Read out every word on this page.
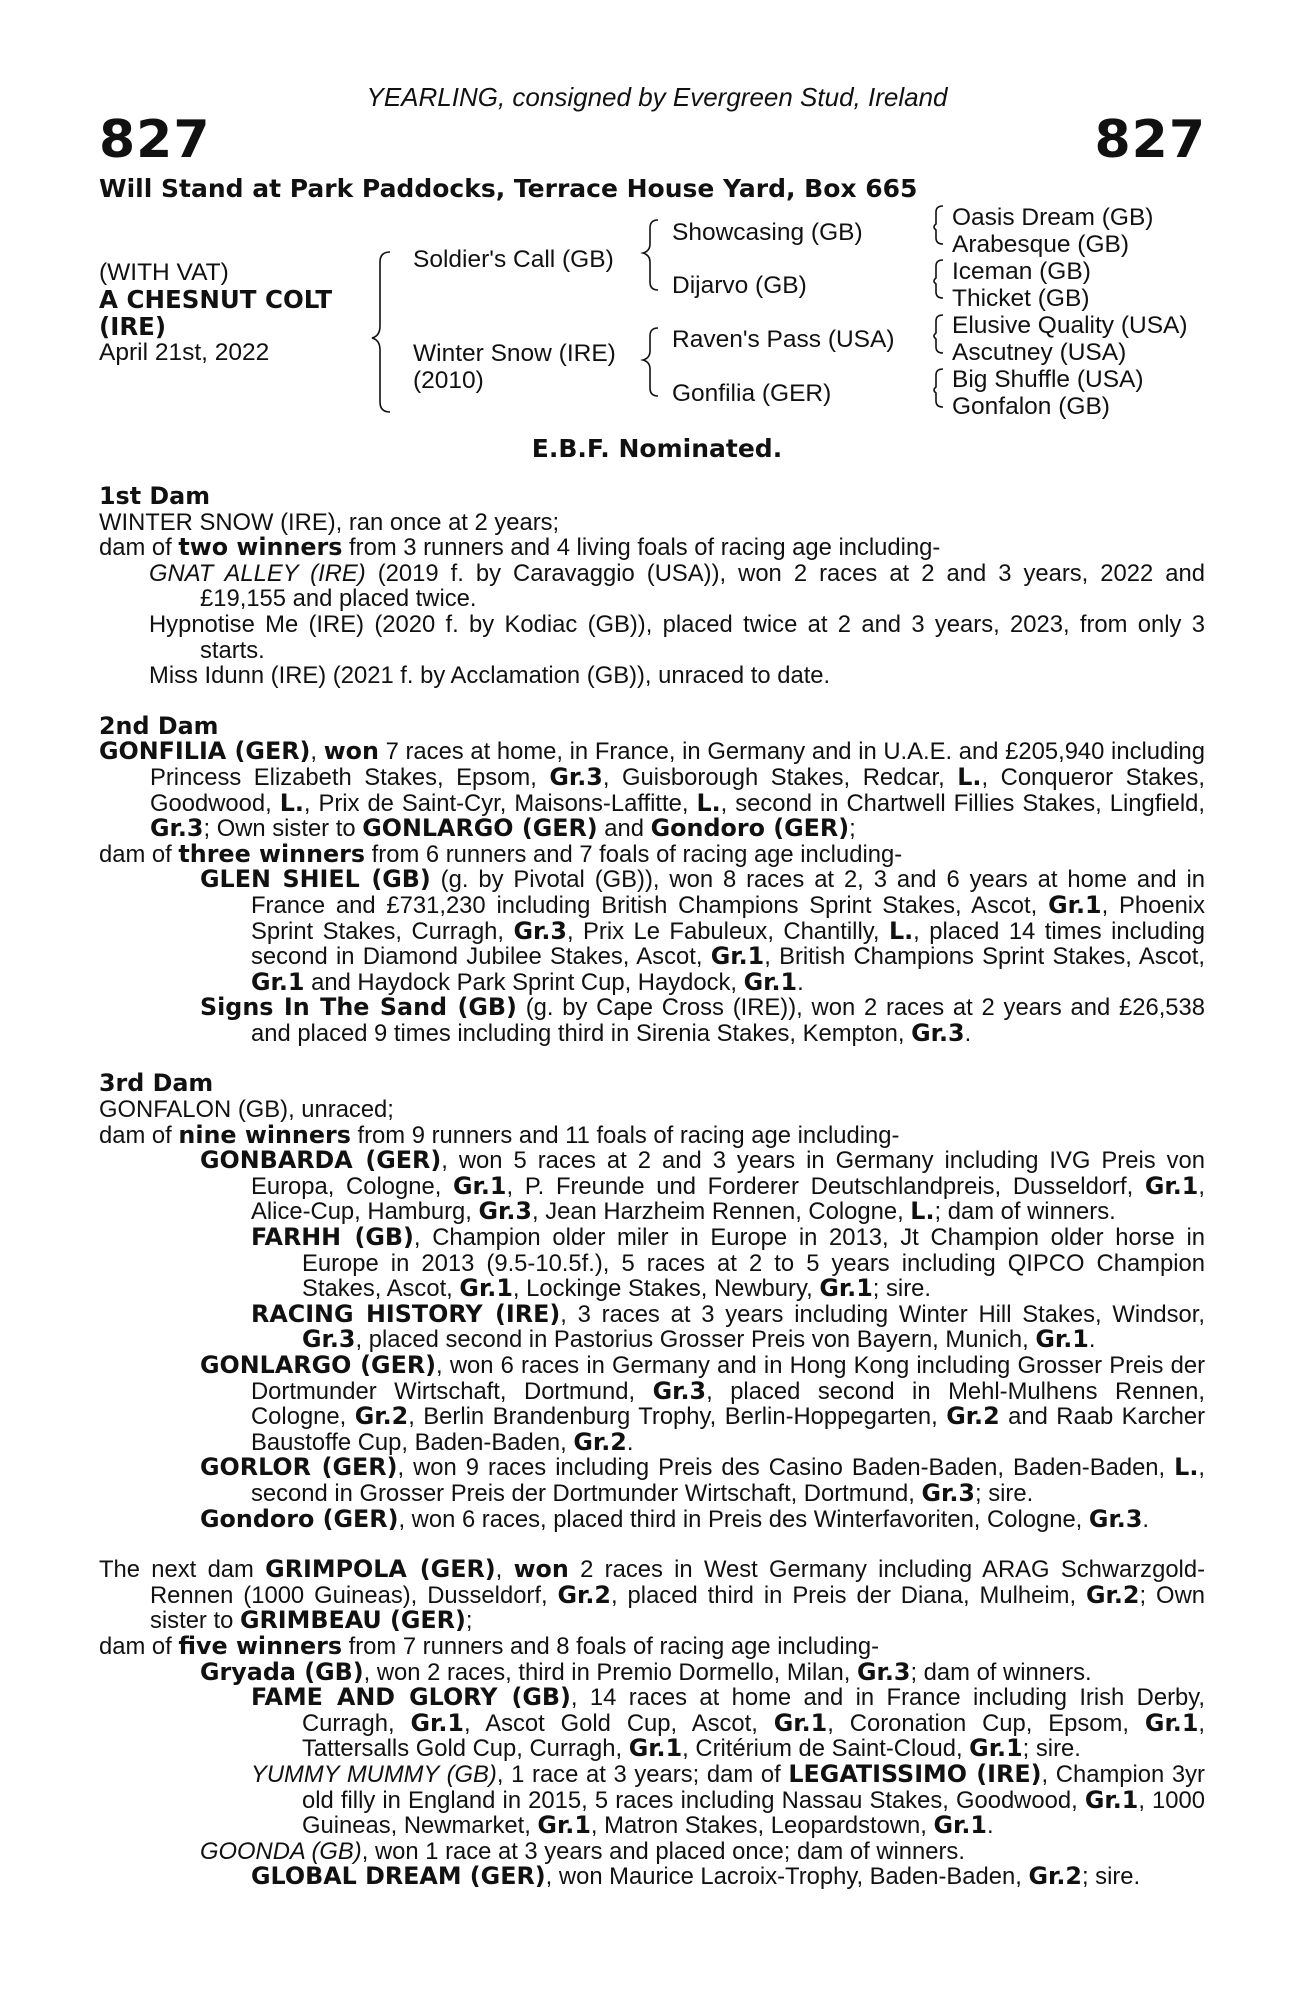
YEARLING, consigned by Evergreen Stud, Ireland
827	827
Will Stand at Park Paddocks, Terrace House Yard, Box 665
(WITH VAT)
A CHESNUT COLT
(IRE)
April 21st, 2022
Soldier's Call (GB)
Winter Snow (IRE)
(2010)
Showcasing (GB)
Dijarvo (GB)
Raven's Pass (USA)
Gonfilia (GER)
Oasis Dream (GB)
Arabesque (GB)
Iceman (GB)
Thicket (GB)
Elusive Quality (USA)
Ascutney (USA)
Big Shuffle (USA)
Gonfalon (GB)
E.B.F. Nominated.

1st Dam

WINTER SNOW (IRE), ran once at 2 years;

dam of two winners from 3 runners and 4 living foals of racing age including-

GNAT ALLEY (IRE) (2019 f. by Caravaggio (USA)), won 2 races at 2 and 3 years, 2022 and £19,155 and placed twice.

Hypnotise Me (IRE) (2020 f. by Kodiac (GB)), placed twice at 2 and 3 years, 2023, from only 3 starts.

Miss Idunn (IRE) (2021 f. by Acclamation (GB)), unraced to date.

2nd Dam

GONFILIA (GER), won 7 races at home, in France, in Germany and in U.A.E. and £205,940 including Princess Elizabeth Stakes, Epsom, Gr.3, Guisborough Stakes, Redcar, L., Conqueror Stakes, Goodwood, L., Prix de Saint-Cyr, Maisons-Laffitte, L., second in Chartwell Fillies Stakes, Lingfield, Gr.3; Own sister to GONLARGO (GER) and Gondoro (GER);

dam of three winners from 6 runners and 7 foals of racing age including-

GLEN SHIEL (GB) (g. by Pivotal (GB)), won 8 races at 2, 3 and 6 years at home and in France and £731,230 including British Champions Sprint Stakes, Ascot, Gr.1, Phoenix Sprint Stakes, Curragh, Gr.3, Prix Le Fabuleux, Chantilly, L., placed 14 times including second in Diamond Jubilee Stakes, Ascot, Gr.1, British Champions Sprint Stakes, Ascot, Gr.1 and Haydock Park Sprint Cup, Haydock, Gr.1.

Signs In The Sand (GB) (g. by Cape Cross (IRE)), won 2 races at 2 years and £26,538 and placed 9 times including third in Sirenia Stakes, Kempton, Gr.3.

3rd Dam

GONFALON (GB), unraced;

dam of nine winners from 9 runners and 11 foals of racing age including-

GONBARDA (GER), won 5 races at 2 and 3 years in Germany including IVG Preis von Europa, Cologne, Gr.1, P. Freunde und Forderer Deutschlandpreis, Dusseldorf, Gr.1, Alice-Cup, Hamburg, Gr.3, Jean Harzheim Rennen, Cologne, L.; dam of winners.

FARHH (GB), Champion older miler in Europe in 2013, Jt Champion older horse in Europe in 2013 (9.5-10.5f.), 5 races at 2 to 5 years including QIPCO Champion Stakes, Ascot, Gr.1, Lockinge Stakes, Newbury, Gr.1; sire.

RACING HISTORY (IRE), 3 races at 3 years including Winter Hill Stakes, Windsor, Gr.3, placed second in Pastorius Grosser Preis von Bayern, Munich, Gr.1.

GONLARGO (GER), won 6 races in Germany and in Hong Kong including Grosser Preis der Dortmunder Wirtschaft, Dortmund, Gr.3, placed second in Mehl-Mulhens Rennen, Cologne, Gr.2, Berlin Brandenburg Trophy, Berlin-Hoppegarten, Gr.2 and Raab Karcher Baustoffe Cup, Baden-Baden, Gr.2.

GORLOR (GER), won 9 races including Preis des Casino Baden-Baden, Baden-Baden, L., second in Grosser Preis der Dortmunder Wirtschaft, Dortmund, Gr.3; sire.

Gondoro (GER), won 6 races, placed third in Preis des Winterfavoriten, Cologne, Gr.3.

The next dam GRIMPOLA (GER), won 2 races in West Germany including ARAG Schwarzgold-Rennen (1000 Guineas), Dusseldorf, Gr.2, placed third in Preis der Diana, Mulheim, Gr.2; Own sister to GRIMBEAU (GER);

dam of five winners from 7 runners and 8 foals of racing age including-

Gryada (GB), won 2 races, third in Premio Dormello, Milan, Gr.3; dam of winners.

FAME AND GLORY (GB), 14 races at home and in France including Irish Derby, Curragh, Gr.1, Ascot Gold Cup, Ascot, Gr.1, Coronation Cup, Epsom, Gr.1, Tattersalls Gold Cup, Curragh, Gr.1, Critérium de Saint-Cloud, Gr.1; sire.

YUMMY MUMMY (GB), 1 race at 3 years; dam of LEGATISSIMO (IRE), Champion 3yr old filly in England in 2015, 5 races including Nassau Stakes, Goodwood, Gr.1, 1000 Guineas, Newmarket, Gr.1, Matron Stakes, Leopardstown, Gr.1.

GOONDA (GB), won 1 race at 3 years and placed once; dam of winners.

GLOBAL DREAM (GER), won Maurice Lacroix-Trophy, Baden-Baden, Gr.2; sire.
